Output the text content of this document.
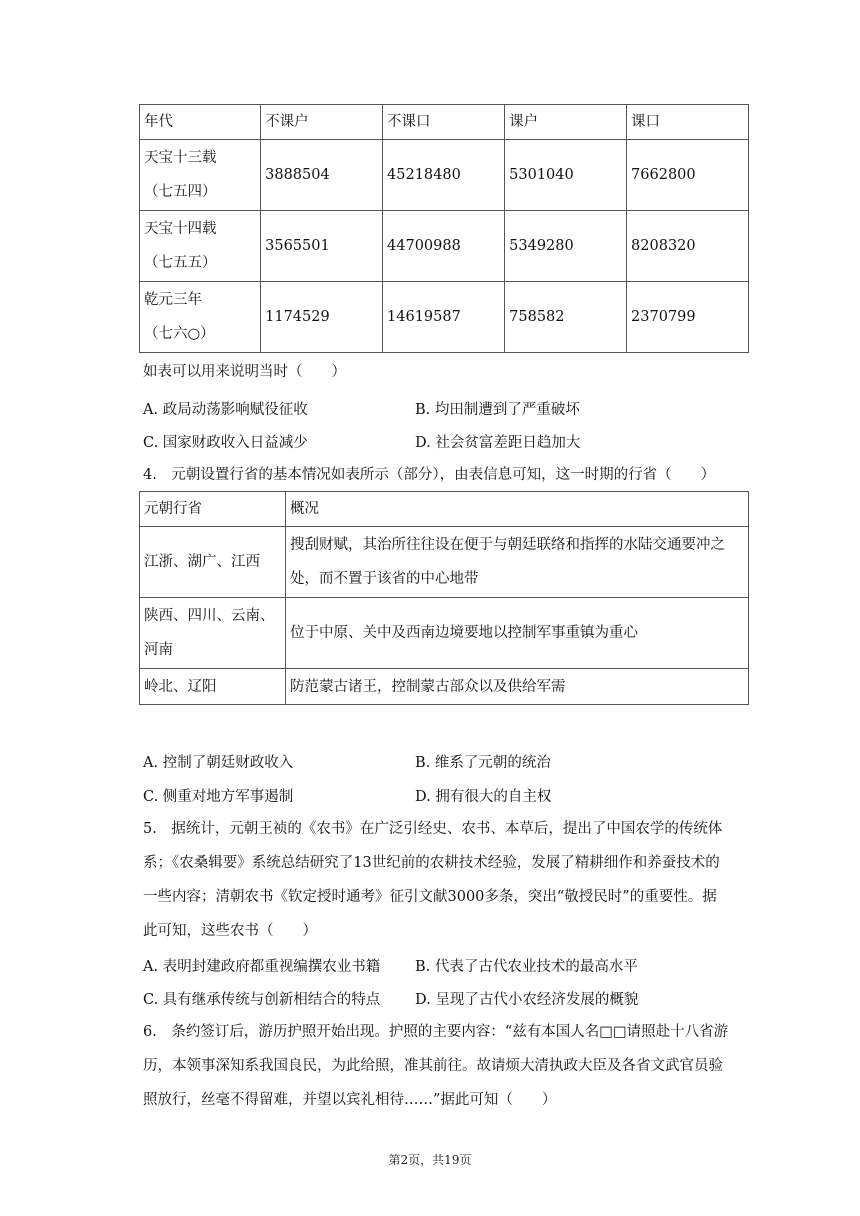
年代	不课户	不课口	课户	课口

天宝十三载
（七五四）	3888504	45218480	5301040	7662800

天宝十四载
（七五五）	3565501	44700988	5349280	8208320

乾元三年
（七六○）	1174529	14619587	758582	2370799
如表可以用来说明当时（　　）
A. 政局动荡影响赋役征收	B. 均田制遭到了严重破坏
C. 国家财政收入日益减少	D. 社会贫富差距日趋加大
4.　元朝设置行省的基本情况如表所示（部分），由表信息可知，这一时期的行省（　　）
元朝行省	概况
江浙、湖广、江西	搜刮财赋，其治所往往设在便于与朝廷联络和指挥的水陆交通要冲之
处，而不置于该省的中心地带

陕西、四川、云南、
河南	位于中原、关中及西南边境要地以控制军事重镇为重心
岭北、辽阳	防范蒙古诸王，控制蒙古部众以及供给军需
A. 控制了朝廷财政收入	B. 维系了元朝的统治
C. 侧重对地方军事遏制	D. 拥有很大的自主权
5.　据统计，元朝王祯的《农书》在广泛引经史、农书、本草后，提出了中国农学的传统体
系；《农桑辑要》系统总结研究了13世纪前的农耕技术经验，发展了精耕细作和养蚕技术的
一些内容；清朝农书《钦定授时通考》征引文献3000多条，突出“敬授民时”的重要性。据
此可知，这些农书（　　）
A. 表明封建政府都重视编撰农业书籍 B. 代表了古代农业技术的最高水平
C. 具有继承传统与创新相结合的特点 D. 呈现了古代小农经济发展的概貌
6.　条约签订后，游历护照开始出现。护照的主要内容：“兹有本国人名□□请照赴十八省游
历，本领事深知系我国良民，为此给照，准其前往。故请烦大清执政大臣及各省文武官员验
照放行，丝毫不得留难，并望以宾礼相待……”据此可知（　　）
第2页，共19页
